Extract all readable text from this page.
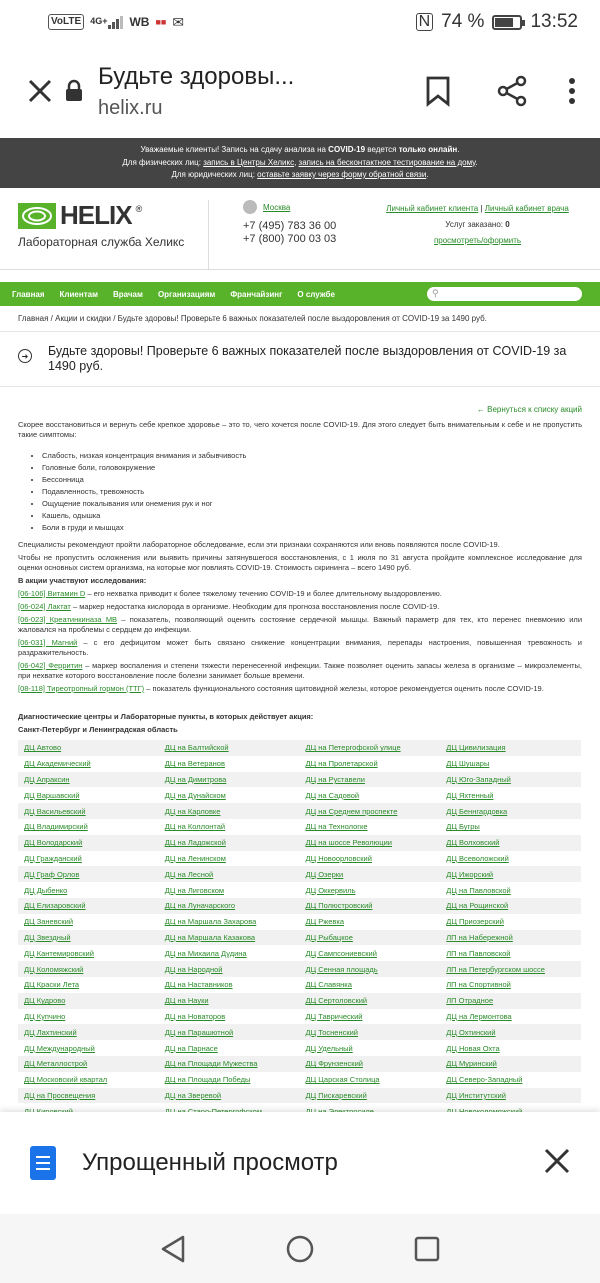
VoLTE	4G+ WB ■■ ✉	N 74 % 13:52
Будьте здоровы...
helix.ru
Уважаемые клиенты! Запись на сдачу анализа на COVID-19 ведется только онлайн.
Для физических лиц: запись в Центры Хеликс, запись на бесконтактное тестирование на дому.
Для юридических лиц: оставьте заявку через форму обратной связи.
HELIX ®
Лабораторная служба Хеликс
Москва
+7 (495) 783 36 00
+7 (800) 700 03 03
Личный кабинет клиента | Личный кабинет врача
Услуг заказано: 0
просмотреть/оформить
Главная Клиентам Врачам Организациям Франчайзинг О службе	⚲
Главная / Акции и скидки / Будьте здоровы! Проверьте 6 важных показателей после выздоровления от COVID-19 за 1490 руб.
➔ Будьте здоровы! Проверьте 6 важных показателей после выздоровления от COVID-19 за 1490 руб.
← Вернуться к списку акций
Скорее восстановиться и вернуть себе крепкое здоровье – это то, чего хочется после COVID-19. Для этого следует быть внимательным к себе и не пропустить такие симптомы:
• Слабость, низкая концентрация внимания и забывчивость
• Головные боли, головокружение
• Бессонница
• Подавленность, тревожность
• Ощущение покалывания или онемения рук и ног
• Кашель, одышка
• Боли в груди и мышцах
Специалисты рекомендуют пройти лабораторное обследование, если эти признаки сохраняются или вновь появляются после COVID-19.
Чтобы не пропустить осложнения или выявить причины затянувшегося восстановления, с 1 июля по 31 августа пройдите комплексное исследование для оценки основных систем организма, на которые мог повлиять COVID-19. Стоимость скрининга – всего 1490 руб.
В акции участвуют исследования:
[06-106] Витамин D – его нехватка приводит к более тяжелому течению COVID-19 и более длительному выздоровлению.
[06-024] Лактат – маркер недостатка кислорода в организме. Необходим для прогноза восстановления после COVID-19.
[06-023] Креатинкиназа МВ – показатель, позволяющий оценить состояние сердечной мышцы. Важный параметр для тех, кто перенес пневмонию или жаловался на проблемы с сердцем до инфекции.
[06-031] Магний – с его дефицитом может быть связано снижение концентрации внимания, перепады настроения, повышенная тревожность и раздражительность.
[06-042] Ферритин – маркер воспаления и степени тяжести перенесенной инфекции. Также позволяет оценить запасы железа в организме – микроэлементы, при нехватке которого восстановление после болезни занимает больше времени.
[08-118] Тиреотропный гормон (ТТГ) – показатель функционального состояния щитовидной железы, которое рекомендуется оценить после COVID-19.
Диагностические центры и Лабораторные пункты, в которых действует акция:
Санкт-Петербург и Ленинградская область
ДЦ Автово	ДЦ на Балтийской	ДЦ на Петергофской улице	ДЦ Цивилизация
ДЦ Академический	ДЦ на Ветеранов	ДЦ на Пролетарской	ДЦ Шушары
ДЦ Апраксин	ДЦ на Димитрова	ДЦ на Руставели	ДЦ Юго-Западный
ДЦ Варшавский	ДЦ на Дунайском	ДЦ на Садовой	ДЦ Яхтенный
ДЦ Васильевский	ДЦ на Карловке	ДЦ на Среднем проспекте	ДЦ Беннгардовка
ДЦ Владимирский	ДЦ на Коллонтай	ДЦ на Технологке	ДЦ Бугры
ДЦ Володарский	ДЦ на Ладожской	ДЦ на шоссе Революции	ДЦ Волховский
ДЦ Гражданский	ДЦ на Ленинском	ДЦ Новоорловский	ДЦ Всеволожский
ДЦ Граф Орлов	ДЦ на Лесной	ДЦ Озерки	ДЦ Ижорский
ДЦ Дыбенко	ДЦ на Лиговском	ДЦ Оккервиль	ДЦ на Павловской
ДЦ Елизаровский	ДЦ на Луначарского	ДЦ Полюстровский	ДЦ на Рощинской
ДЦ Заневский	ДЦ на Маршала Захарова	ДЦ Ржевка	ДЦ Приозерский
ДЦ Звездный	ДЦ на Маршала Казакова	ДЦ Рыбацкое	ЛП на Набережной
ДЦ Кантемировский	ДЦ на Михаила Дудина	ДЦ Сампсониевский	ЛП на Павловской
ДЦ Коломяжский	ДЦ на Народной	ДЦ Сенная площадь	ЛП на Петербургском шоссе
ДЦ Краски Лета	ДЦ на Наставников	ДЦ Славянка	ЛП на Спортивной
ДЦ Кудрово	ДЦ на Науки	ДЦ Сертоловский	ЛП Отрадное
ДЦ Купчино	ДЦ на Новаторов	ДЦ Таврический	ДЦ на Лермонтова
ДЦ Лахтинский	ДЦ на Парашютной	ДЦ Тосненский	ДЦ Охтинский
ДЦ Международный	ДЦ на Парнасе	ДЦ Удельный	ДЦ Новая Охта
ДЦ Металлострой	ДЦ на Площади Мужества	ДЦ Фрунзенский	ДЦ Муринский
ДЦ Московский квартал	ДЦ на Площади Победы	ДЦ Царская Столица	ДЦ Северо-Западный
ДЦ на Просвещения	ДЦ на Зверевой	ДЦ Пискаревский	ДЦ Институтский

Упрощенный просмотр
